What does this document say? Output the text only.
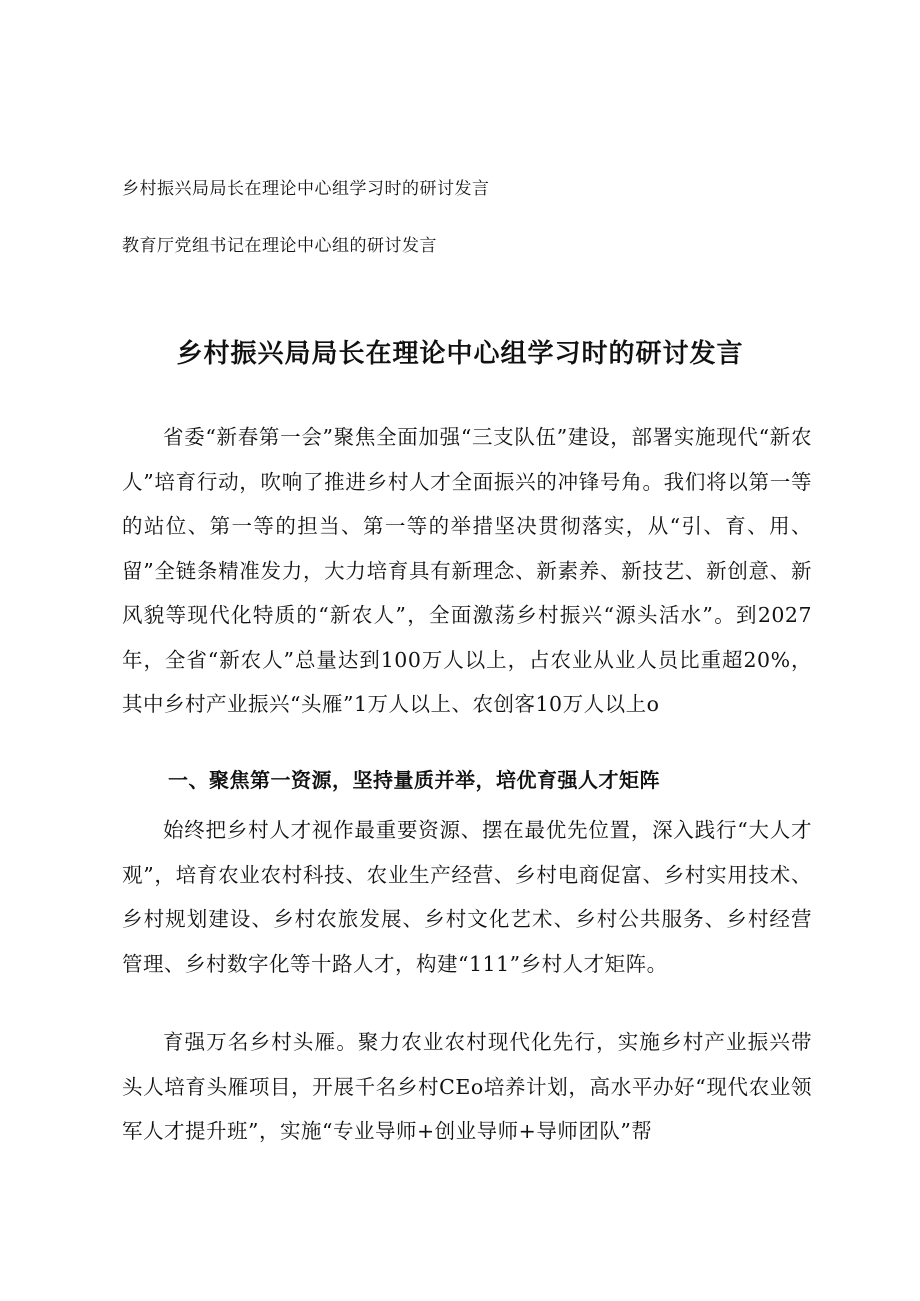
乡村振兴局局长在理论中心组学习时的研讨发言
教育厅党组书记在理论中心组的研讨发言
乡村振兴局局长在理论中心组学习时的研讨发言

省委“新春第一会”聚焦全面加强“三支队伍”建设，部署实施现代“新农人”培育行动，吹响了推进乡村人才全面振兴的冲锋号角。我们将以第一等的站位、第一等的担当、第一等的举措坚决贯彻落实，从“引、育、用、留”全链条精准发力，大力培育具有新理念、新素养、新技艺、新创意、新风貌等现代化特质的“新农人”，全面激荡乡村振兴“源头活水”。到2027年，全省“新农人”总量达到100万人以上，占农业从业人员比重超20%，其中乡村产业振兴“头雁”1万人以上、农创客10万人以上o

一、聚焦第一资源，坚持量质并举，培优育强人才矩阵

始终把乡村人才视作最重要资源、摆在最优先位置，深入践行“大人才观”，培育农业农村科技、农业生产经营、乡村电商促富、乡村实用技术、乡村规划建设、乡村农旅发展、乡村文化艺术、乡村公共服务、乡村经营管理、乡村数字化等十路人才，构建“111”乡村人才矩阵。

育强万名乡村头雁。聚力农业农村现代化先行，实施乡村产业振兴带头人培育头雁项目，开展千名乡村CEo培养计划，高水平办好“现代农业领军人才提升班”，实施“专业导师+创业导师+导师团队”帮
